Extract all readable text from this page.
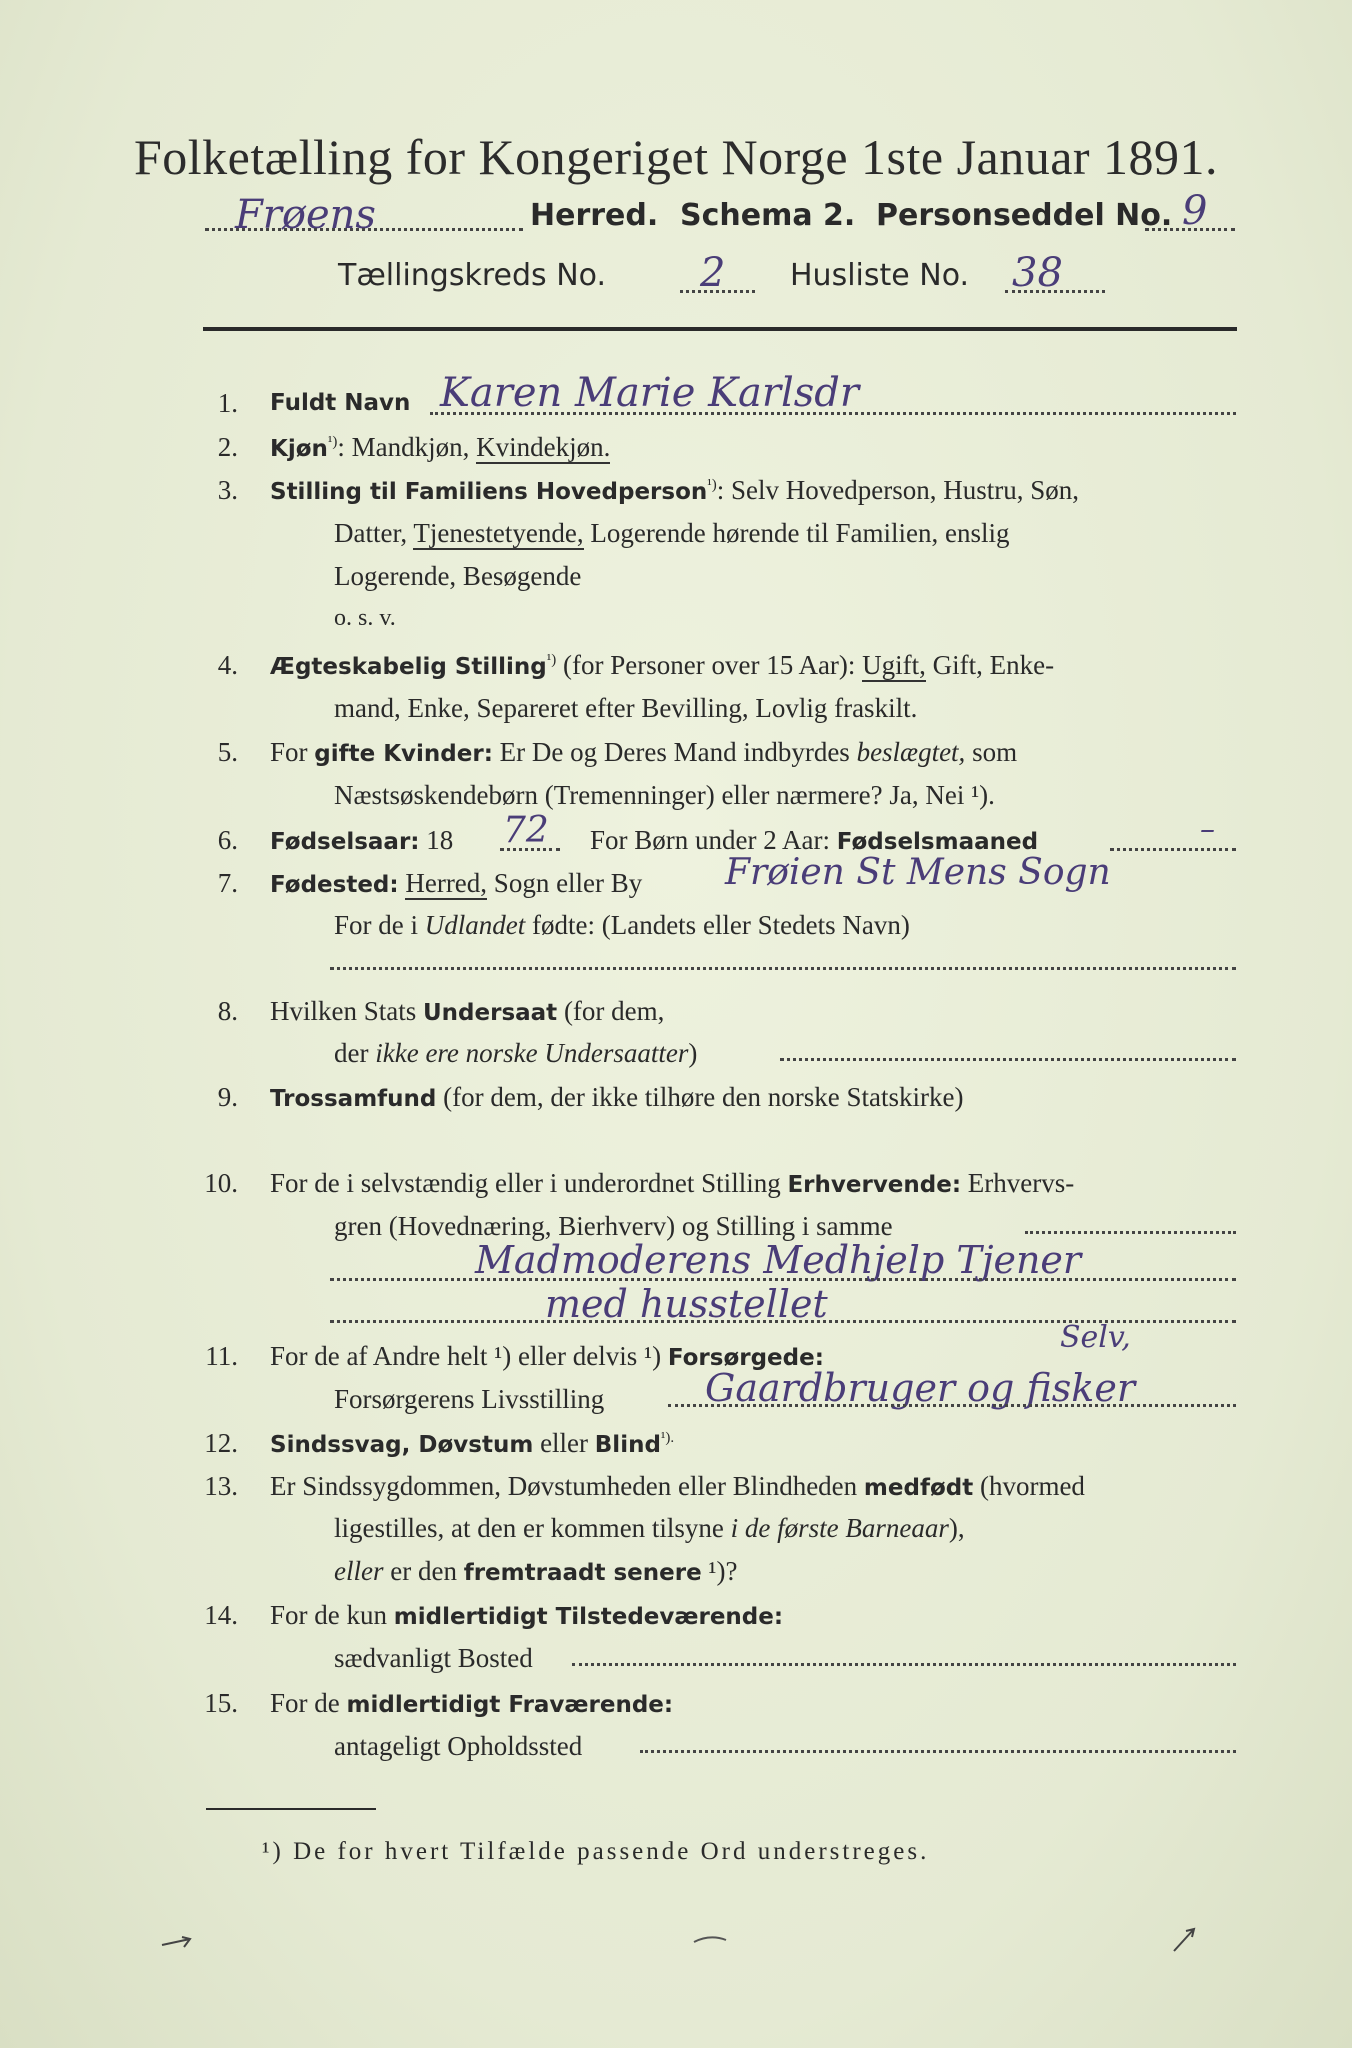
Folketælling for Kongeriget Norge 1ste Januar 1891.
Frøens	Herred. Schema 2. Personseddel No. 9
Tællingskreds No. 2 Husliste No. 38
1. Fuldt Navn Karen Marie Karlsdr
2. Kjøn$^{^1)}$: Mandkjøn, Kvindekjøn.
3. Stilling til Familiens Hovedperson$^{^1)}$: Selv Hovedperson, Hustru, Søn,
Datter, Tjenestetyende, Logerende hørende til Familien, enslig
Logerende, Besøgende
o. s. v.
4. Ægteskabelig Stilling$^{^1)}$ (for Personer over 15 Aar): Ugift, Gift, Enke-
mand, Enke, Separeret efter Bevilling, Lovlig fraskilt.
5. For gifte Kvinder: Er De og Deres Mand indbyrdes beslægtet, som
Næstsøskendebørn (Tremenninger) eller nærmere? Ja, Nei ¹).
6. Fødselsaar: 18 72 For Børn under 2 Aar: Fødselsmaaned	–
7. Fødested: Herred, Sogn eller By Frøien St Mens Sogn
For de i Udlandet fødte: (Landets eller Stedets Navn)
8. Hvilken Stats Undersaat (for dem,
der ikke ere norske Undersaatter)
9. Trossamfund (for dem, der ikke tilhøre den norske Statskirke)
10. For de i selvstændig eller i underordnet Stilling Erhvervende: Erhvervs-
gren (Hovednæring, Bierhverv) og Stilling i samme
Madmoderens Medhjelp Tjener
med husstellet
11. For de af Andre helt ¹) eller delvis ¹) Forsørgede:
Selv,
Forsørgerens Livsstilling	Gaardbruger og fisker
12. Sindssvag, Døvstum eller Blind$^{^1).}$
13. Er Sindssygdommen, Døvstumheden eller Blindheden medfødt (hvormed
ligestilles, at den er kommen tilsyne i de første Barneaar),
eller er den fremtraadt senere ¹)?
14. For de kun midlertidigt Tilstedeværende:
sædvanligt Bosted
15. For de midlertidigt Fraværende:
antageligt Opholdssted
¹) De for hvert Tilfælde passende Ord understreges.
